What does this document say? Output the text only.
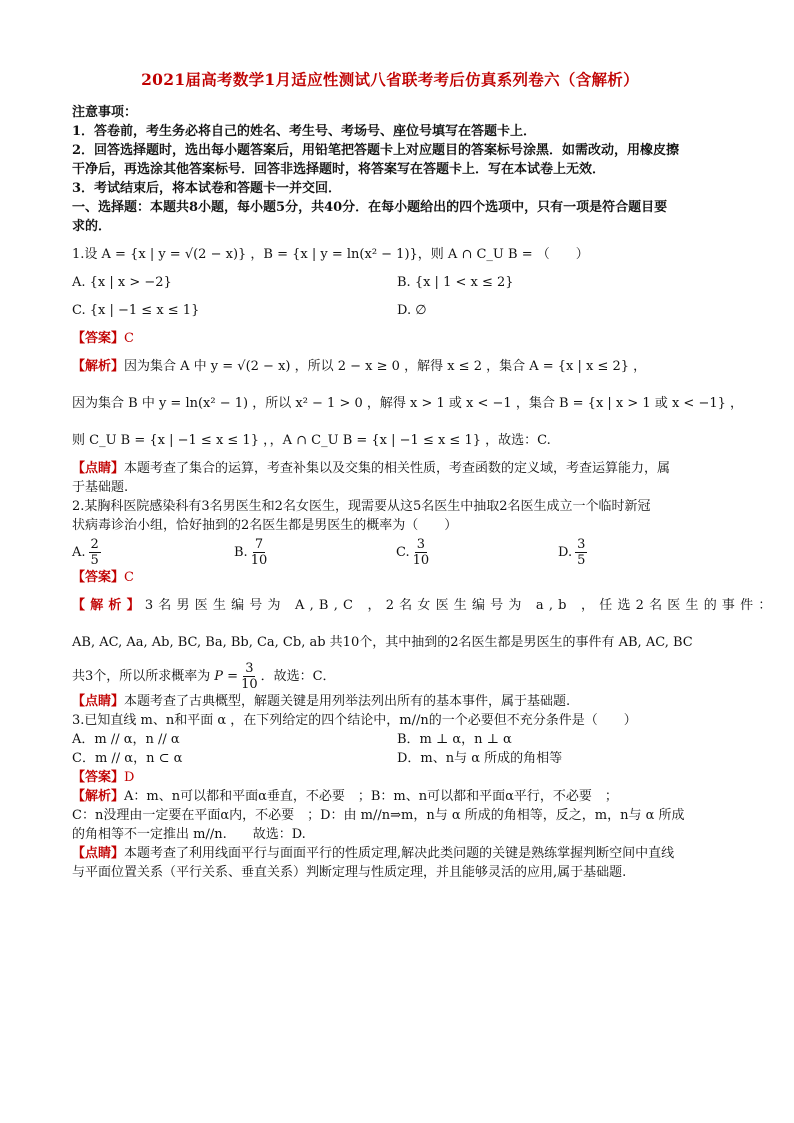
2021届高考数学1月适应性测试八省联考考后仿真系列卷六（含解析）

注意事项：

1．答卷前，考生务必将自己的姓名、考生号、考场号、座位号填写在答题卡上．

2．回答选择题时，选出每小题答案后，用铅笔把答题卡上对应题目的答案标号涂黑．如需改动，用橡皮擦

干净后，再选涂其他答案标号．回答非选择题时，将答案写在答题卡上．写在本试卷上无效．

3．考试结束后，将本试卷和答题卡一并交回．

一、选择题：本题共8小题，每小题5分，共40分．在每小题给出的四个选项中，只有一项是符合题目要

求的．

1.设 A = {x | y = √(2 − x)} ，B = {x | y = ln(x² − 1)}，则 A ∩ C_U B = （　　）

A. {x | x > −2}	B. {x | 1 < x ≤ 2}
C. {x | −1 ≤ x ≤ 1}	D. ∅

【答案】C

【解析】因为集合 A 中 y = √(2 − x) ，所以 2 − x ≥ 0 ，解得 x ≤ 2 ，集合 A = {x | x ≤ 2} ，

因为集合 B 中 y = ln(x² − 1) ，所以 x² − 1 > 0 ，解得 x > 1 或 x < −1 ，集合 B = {x | x > 1 或 x < −1} ，

则 C_U B = {x | −1 ≤ x ≤ 1} ，，A ∩ C_U B = {x | −1 ≤ x ≤ 1} ，故选：C.

【点睛】本题考查了集合的运算，考查补集以及交集的相关性质，考查函数的定义域，考查运算能力，属

于基础题.

2.某胸科医院感染科有3名男医生和2名女医生，现需要从这5名医生中抽取2名医生成立一个临时新冠

状病毒诊治小组，恰好抽到的2名医生都是男医生的概率为（　　）

A. $\frac{2}{5}$	B. $\frac{7}{10}$	C. $\frac{3}{10}$	D. $\frac{3}{5}$

【答案】C

【解析】3名男医生编号为 A,B,C ，2名女医生编号为 a,b ，任选2名医生的事件：

AB, AC, Aa, Ab, BC, Ba, Bb, Ca, Cb, ab 共10个，其中抽到的2名医生都是男医生的事件有 AB, AC, BC

共3个，所以所求概率为 $P = \frac{3}{10}$ ．故选：C．

【点睛】本题考查了古典概型，解题关键是用列举法列出所有的基本事件，属于基础题.

3.已知直线 m、n和平面 α ，在下列给定的四个结论中，m//n的一个必要但不充分条件是（　　）

A．m // α，n // α	B．m ⊥ α，n ⊥ α
C．m // α，n ⊂ α	D．m、n与 α 所成的角相等

【答案】D

【解析】A：m、n可以都和平面α垂直，不必要　；B：m、n可以都和平面α平行，不必要　；

C：n没理由一定要在平面α内，不必要　；D：由 m//n⇒m，n与 α 所成的角相等，反之，m，n与 α 所成

的角相等不一定推出 m//n.　　故选：D.

【点睛】本题考查了利用线面平行与面面平行的性质定理,解决此类问题的关键是熟练掌握判断空间中直线

与平面位置关系（平行关系、垂直关系）判断定理与性质定理，并且能够灵活的应用,属于基础题.
